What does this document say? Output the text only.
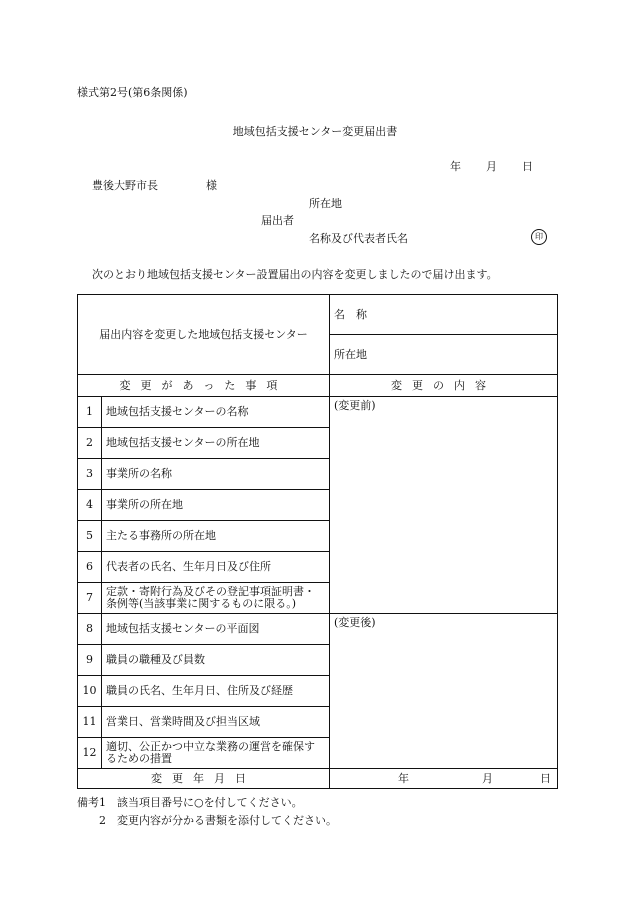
様式第2号(第6条関係)
地域包括支援センター変更届出書
年 月 日
豊後大野市長	様
所在地
届出者
名称及び代表者氏名	印
次のとおり地域包括支援センター設置届出の内容を変更しましたので届け出ます。
届出内容を変更した地域包括支援センター		名　称
		所在地
変更があった事項		変更の内容
1	地域包括支援センターの名称	(変更前)
2	地域包括支援センターの所在地	
3	事業所の名称	
4	事業所の所在地	
5	主たる事務所の所在地	
6	代表者の氏名、生年月日及び住所	
7	定款・寄附行為及びその登記事項証明書・条例等(当該事業に関するものに限る。)	
8	地域包括支援センターの平面図	(変更後)
9	職員の職種及び員数	
10	職員の氏名、生年月日、住所及び経歴	
11	営業日、営業時間及び担当区域	
12	適切、公正かつ中立な業務の運営を確保するための措置	
変更年月日		年 月 日
備考1　該当項目番号に○を付してください。
2　変更内容が分かる書類を添付してください。
